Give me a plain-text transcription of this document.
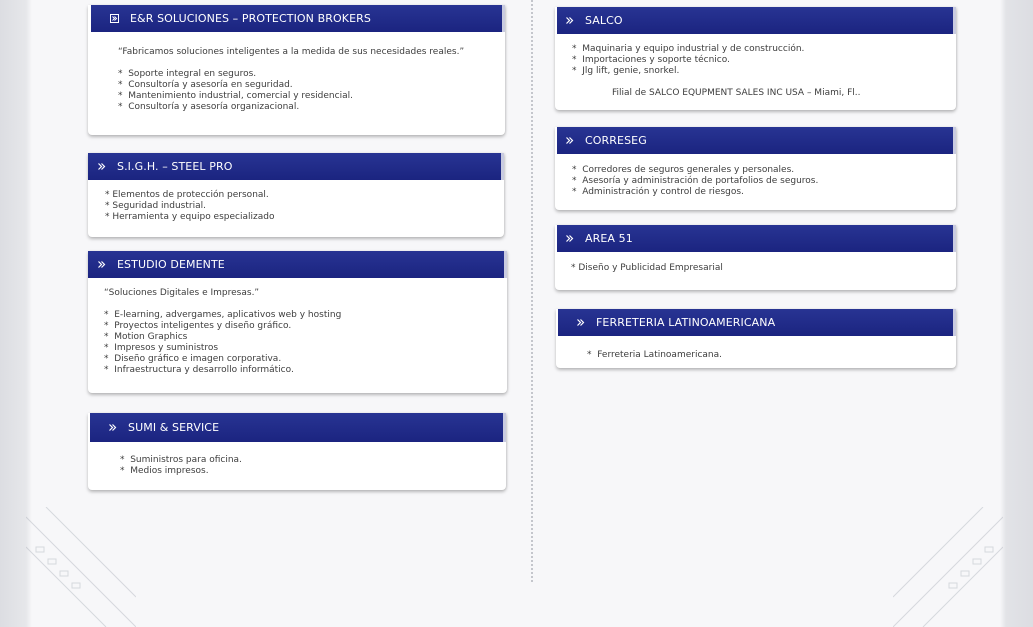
E&R SOLUCIONES – PROTECTION BROKERS
“Fabricamos soluciones inteligentes a la medida de sus necesidades reales.”
*  Soporte integral en seguros.
*  Consultoría y asesoría en seguridad.
*  Mantenimiento industrial, comercial y residencial.
*  Consultoría y asesoría organizacional.
S.I.G.H. – STEEL PRO
* Elementos de protección personal.
* Seguridad industrial.
* Herramienta y equipo especializado
ESTUDIO DEMENTE
“Soluciones Digitales e Impresas.”
*  E-learning, advergames, aplicativos web y hosting
*  Proyectos inteligentes y diseño gráfico.
*  Motion Graphics
*  Impresos y suministros
*  Diseño gráfico e imagen corporativa.
*  Infraestructura y desarrollo informático.
SUMI & SERVICE
*  Suministros para oficina.
*  Medios impresos.
SALCO
*  Maquinaria y equipo industrial y de construcción.
*  Importaciones y soporte técnico.
*  Jlg lift, genie, snorkel.
Filial de SALCO EQUPMENT SALES INC USA – Miami, Fl..
CORRESEG
*  Corredores de seguros generales y personales.
*  Asesoría y administración de portafolios de seguros.
*  Administración y control de riesgos.
AREA 51
* Diseño y Publicidad Empresarial
FERRETERIA LATINOAMERICANA
*  Ferreteria Latinoamericana.
